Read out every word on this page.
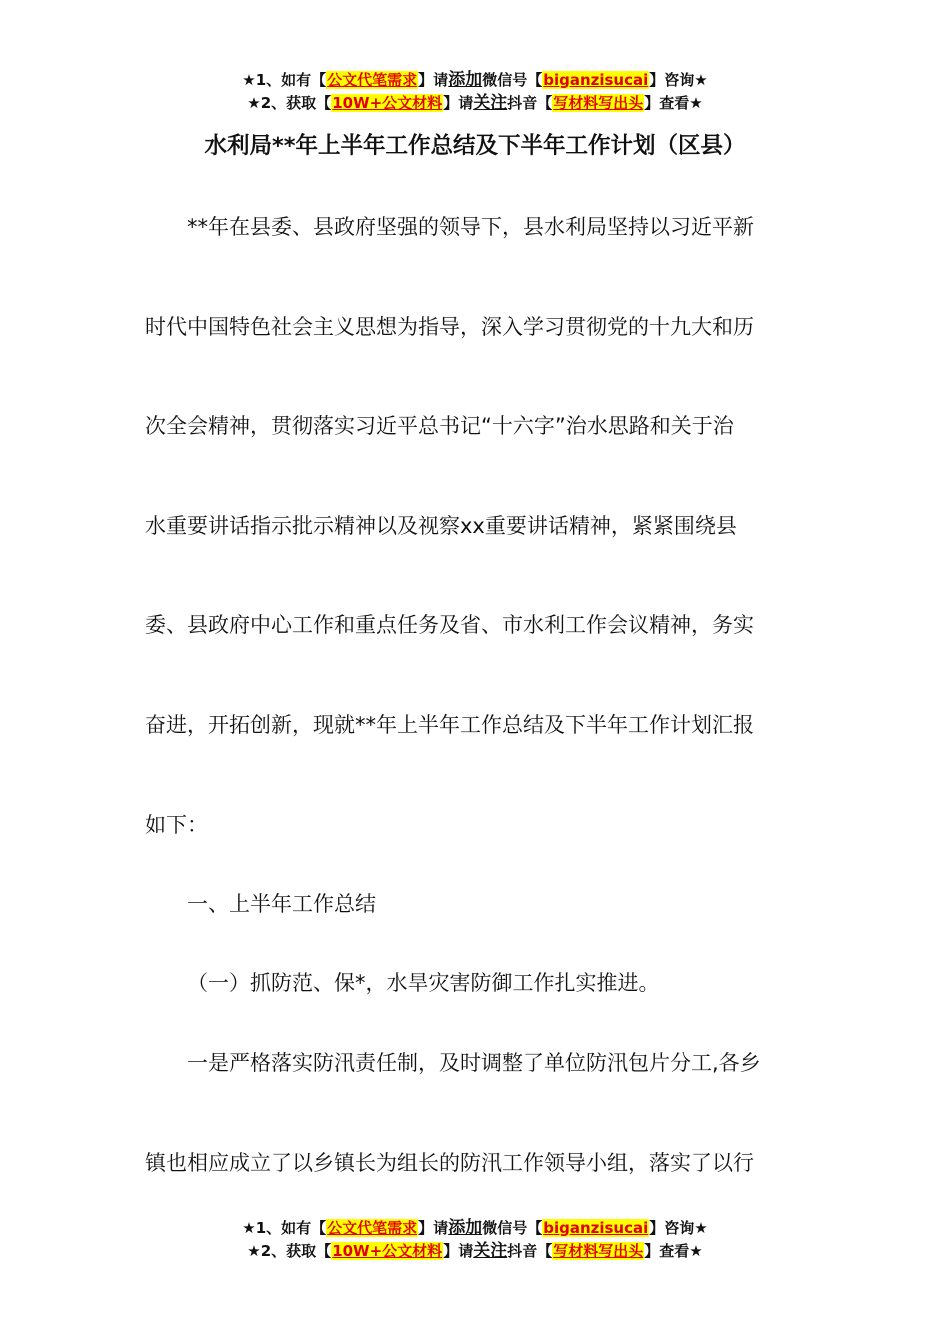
★1、如有【公文代笔需求】请添加微信号【biganzisucai】咨询★
★2、获取【10W+公文材料】请关注抖音【写材料写出头】查看★
水利局**年上半年工作总结及下半年工作计划（区县）
**年在县委、县政府坚强的领导下，县水利局坚持以习近平新
时代中国特色社会主义思想为指导，深入学习贯彻党的十九大和历
次全会精神，贯彻落实习近平总书记“十六字”治水思路和关于治
水重要讲话指示批示精神以及视察xx重要讲话精神，紧紧围绕县
委、县政府中心工作和重点任务及省、市水利工作会议精神，务实
奋进，开拓创新，现就**年上半年工作总结及下半年工作计划汇报
如下：
一、上半年工作总结
（一）抓防范、保*，水旱灾害防御工作扎实推进。
一是严格落实防汛责任制，及时调整了单位防汛包片分工,各乡
镇也相应成立了以乡镇长为组长的防汛工作领导小组，落实了以行
★1、如有【公文代笔需求】请添加微信号【biganzisucai】咨询★
★2、获取【10W+公文材料】请关注抖音【写材料写出头】查看★
